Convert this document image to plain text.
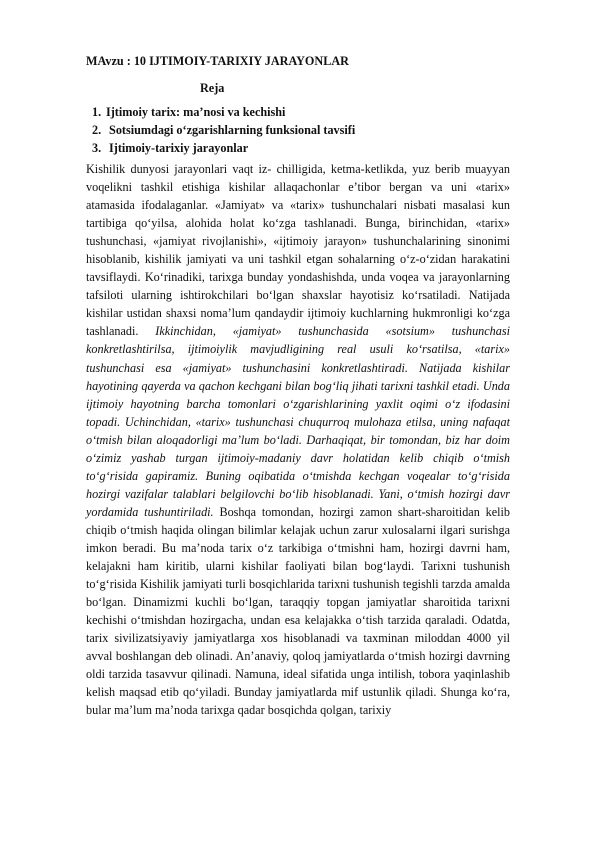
MAvzu : 10 IJTIMOIY-TARIXIY JARAYONLAR
Reja
1. Ijtimoiy tarix: ma’nosi va kechishi
2. Sotsiumdagi oʻzgarishlarning funksional tavsifi
3. Ijtimoiy-tarixiy jarayonlar

Kishilik dunyosi jarayonlari vaqt iz- chilligida, ketma-ketlikda, yuz berib muayyan voqelikni tashkil etishiga kishilar allaqachonlar e’tibor bergan va uni «tarix» atamasida ifodalaganlar. «Jamiyat» va «tarix» tushunchalari nisbati masalasi kun tartibiga qoʻyilsa, alohida holat koʻzga tashlanadi. Bunga, birinchidan, «tarix» tushunchasi, «jamiyat rivojlanishi», «ijtimoiy jarayon» tushunchalarining sinonimi hisoblanib, kishilik jamiyati va uni tashkil etgan sohalarning oʻz-oʻzidan harakatini tavsiflaydi. Koʻrinadiki, tarixga bunday yondashishda, unda voqea va jarayonlarning tafsiloti ularning ishtirokchilari boʻlgan shaxslar hayotisiz koʻrsatiladi. Natijada kishilar ustidan shaxsi noma’lum qandaydir ijtimoiy kuchlarning hukmronligi koʻzga tashlanadi. Ikkinchidan, «jamiyat» tushunchasida «sotsium» tushunchasi konkretlashtirilsa, ijtimoiylik mavjudligining real usuli ko‘rsatilsa, «tarix» tushunchasi esa «jamiyat» tushunchasini konkretlashtiradi. Natijada kishilar hayotining qayerda va qachon kechgani bilan bogʻliq jihati tarixni tashkil etadi. Unda ijtimoiy hayotning barcha tomonlari oʻzgarishlarining yaxlit oqimi oʻz ifodasini topadi. Uchinchidan, «tarix» tushunchasi chuqurroq mulohaza etilsa, uning nafaqat oʻtmish bilan aloqadorligi ma’lum boʻladi. Darhaqiqat, bir tomondan, biz har doim oʻzimiz yashab turgan ijtimoiy-madaniy davr holatidan kelib chiqib oʻtmish toʻgʻrisida gapiramiz. Buning oqibatida oʻtmishda kechgan voqealar toʻgʻrisida hozirgi vazifalar talablari belgilovchi boʻlib hisoblanadi. Yani, oʻtmish hozirgi davr yordamida tushuntiriladi. Boshqa tomondan, hozirgi zamon shart-sharoitidan kelib chiqib oʻtmish haqida olingan bilimlar kelajak uchun zarur xulosalarni ilgari surishga imkon beradi. Bu ma’noda tarix oʻz tarkibiga oʻtmishni ham, hozirgi davrni ham, kelajakni ham kiritib, ularni kishilar faoliyati bilan bogʻlaydi. Tarixni tushunish toʻgʻrisida Kishilik jamiyati turli bosqichlarida tarixni tushunish tegishli tarzda amalda boʻlgan. Dinamizmi kuchli boʻlgan, taraqqiy topgan jamiyatlar sharoitida tarixni kechishi oʻtmishdan hozirgacha, undan esa kelajakka oʻtish tarzida qaraladi. Odatda, tarix sivilizatsiyaviy jamiyatlarga xos hisoblanadi va taxminan miloddan 4000 yil avval boshlangan deb olinadi. An’anaviy, qoloq jamiyatlarda oʻtmish hozirgi davrning oldi tarzida tasavvur qilinadi. Namuna, ideal sifatida unga intilish, tobora yaqinlashib kelish maqsad etib qoʻyiladi. Bunday jamiyatlarda mif ustunlik qiladi. Shunga koʻra, bular ma’lum ma’noda tarixga qadar bosqichda qolgan, tarixiy
